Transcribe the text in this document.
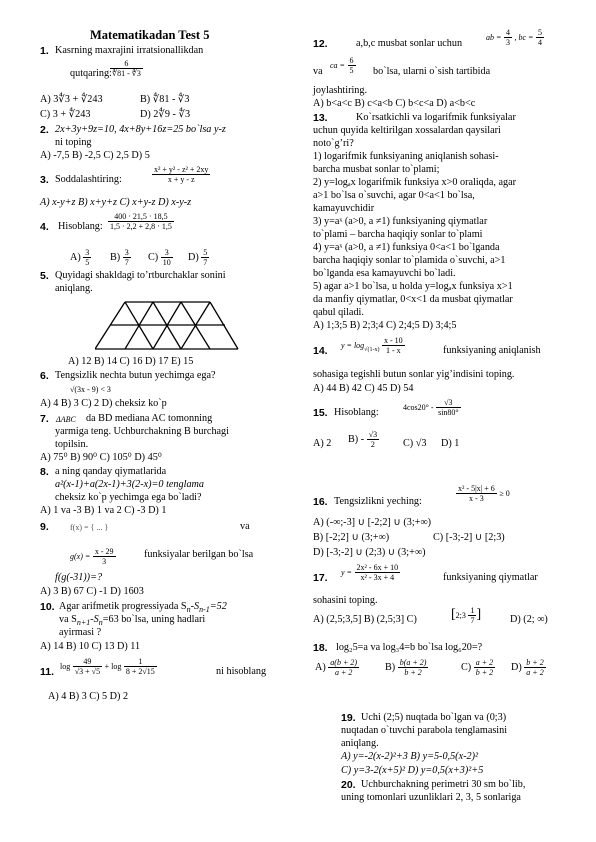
Matematikadan Test 5
1. Kasrning maxrajini irratsionallikdan
qutqaring:
$\frac{6}{∜81 - ∜3}$
A) 3∜3 + ∜243	B) ∜81 - ∜3
C) 3 + ∜243	D) 2∜9 - ∜3
2. 2x+3y+9z=10, 4x+8y+16z=25 bo`lsa y-z
ni toping
A) -7,5 B) -2,5 C) 2,5 D) 5
3. Soddalashtiring:	$\frac{\text{x² + y² - z² + 2xy}}{x + y - z}$
A) x-y+z B) x+y+z C) x+y-z D) x-y-z
4. Hisoblang: $\frac{400 \cdot 21,5 \cdot 18,5}{1,5 \cdot 2,2 + 2,8 \cdot 1,5}$
$A) \frac{3}{5} B) \frac{3}{7} C) \frac{3}{10} D) \frac{5}{7}$
5. Quyidagi shakldagi to’rtburchaklar sonini
aniqlang.
A) 12 B) 14 C) 16 D) 17 E) 15
6. Tengsizlik nechta butun yechimga ega?
√(3x - 9) < 3
A) 4 B) 3 C) 2 D) cheksiz ko`p
7. ΔABC da BD mediana AC tomonning
yarmiga teng. Uchburchakning B burchagi
topilsin.
A) 75⁰ B) 90⁰ C) 105⁰ D) 45⁰
8. a ning qanday qiymatlarida
a²(x-1)+a(2x-1)+3(2-x)=0 tenglama
cheksiz ko`p yechimga ega bo`ladi?
A) 1 va -3 B) 1 va 2 C) -3 D) 1
9.	f(x) = { ... }	va
$g(x) = \frac{x - 29}{3}$	funksiyalar berilgan bo`lsa
f(g(-31))=?
A) 3 B) 67 C) -1 D) 1603
10. Agar arifmetik progressiyada $S_n-S_{n-1}=52$
va $S_{n+1}-S_n=63$ bo`lsa, uning hadlari
ayirmasi ?
A) 14 B) 10 C) 13 D) 11
11. $\log \frac{49}{√3 + √5} + \log \frac{1}{8 + 2√15}$	ni hisoblang
A) 4 B) 3 C) 5 D) 2
12.	a,b,c musbat sonlar uchun
ab = $\frac{4}{3}$ , bc = $\frac{5}{4}$
va
ca = $\frac{6}{5}$ bo`lsa, ularni o`sish tartibida
joylashtiring.
A) b<a<c B) c<a<b C) b<c<a D) a<b<c
13.	Ko`rsatkichli va logarifmik funksiyalar
uchun quyida keltirilgan xossalardan qaysilari
noto`g’ri?
1) logarifmik funksiyaning aniqlanish sohasi-
barcha musbat sonlar to`plami;
2) y=logₐx logarifmik funksiya x>0 oraliqda, agar
a>1 bo`lsa o`suvchi, agar 0<a<1 bo`lsa,
kamayuvchidir
3) y=aˣ (a>0, a ≠1) funksiyaning qiymatlar
to`plami – barcha haqiqiy sonlar to`plami
4) y=aˣ (a>0, a ≠1) funksiya 0<a<1 bo`lganda
barcha haqiqiy sonlar to`plamida o`suvchi, a>1
bo`lganda esa kamayuvchi bo`ladi.
5) agar a>1 bo`lsa, u holda y=logₐx funksiya x>1
da manfiy qiymatlar, 0<x<1 da musbat qiymatlar
qabul qiladi.
A) 1;3;5 B) 2;3;4 C) 2;4;5 D) 3;4;5
14. $y = \log_{√(1-x)} \frac{x - 10}{1 - x}$	funksiyaning aniqlanish
sohasiga tegishli butun sonlar yig’indisini toping.
A) 44 B) 42 C) 45 D) 54
15. Hisoblang:	$4\cos 20^\circ - \frac{√3}{\sin 80^\circ}$
A) 2 $B) - \frac{√3}{2} C$) √3 D) 1
16. Tengsizlikni yeching:	$\frac{\text{x² - 5|x| + 6}}{x - 3} \ge 0$
A) (-∞;-3] ∪ [-2;2] ∪ (3;+∞)
B) [-2;2] ∪ (3;+∞)	C) [-3;-2] ∪ [2;3)
D) [-3;-2] ∪ (2;3) ∪ (3;+∞)
17. $y = \frac{\text{2x² - 6x + 10}}{\text{x² - 3x + 4}}$	funksiyaning qiymatlar
sohasini toping.
A) (2,5;3,5] B) (2,5;3] C) [2;3 $\frac{1}{7}$ ]	D) (2; ∞)
18. log₂5=a va log₃4=b bo`lsa log₆20=?
$A) \frac{a(b + 2)}{a + 2}$	$B) \frac{b(a + 2)}{b + 2}$	$C) \frac{a + 2}{b + 2} D) \frac{b + 2}{a + 2}$
19. Uchi (2;5) nuqtada bo`lgan va (0;3)
nuqtadan o`tuvchi parabola tenglamasini
aniqlang.
A) y=-2(x-2)²+3 B) y=5-0,5(x-2)²
C) y=3-2(x+5)² D) y=0,5(x+3)²+5
20. Uchburchakning perimetri 30 sm bo`lib,
uning tomonlari uzunliklari 2, 3, 5 sonlariga
